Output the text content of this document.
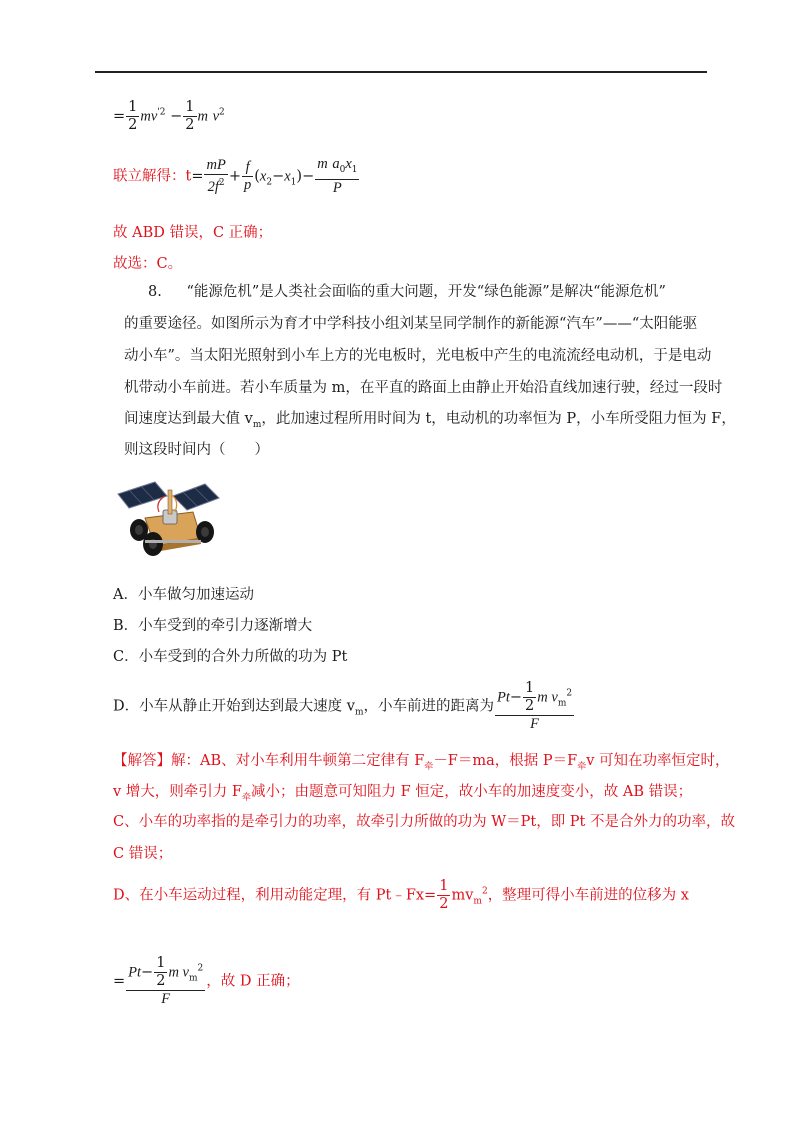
= $\frac{1}{2} mv^{'2} - \frac{1}{2}$ m $v^2$
联立解得：$t= \frac{mP}{2f^2} + \frac{f}{p} (x_2-x_1)- \frac{m a_0x_1}{P}$
故 ABD 错误，C 正确；
故选：C。
8. “能源危机”是人类社会面临的重大问题，开发“绿色能源”是解决“能源危机”
的重要途径。如图所示为育才中学科技小组刘某呈同学制作的新能源“汽车”——“太阳能驱
动小车”。当太阳光照射到小车上方的光电板时，光电板中产生的电流流经电动机，于是电动
机带动小车前进。若小车质量为 m，在平直的路面上由静止开始沿直线加速行驶，经过一段时
间速度达到最大值 $v_m$，此加速过程所用时间为 t，电动机的功率恒为 P，小车所受阻力恒为 F，
则这段时间内（　　）
A．小车做匀加速运动
B．小车受到的牵引力逐渐增大
C．小车受到的合外力所做的功为 Pt
D．小车从静止开始到达到最大速度 $v_m$，小车前进的距离为 $\frac{Pt- \frac{1}{2} m v_m^2}{F}$
【解答】解：AB、对小车利用牛顿第二定律有 $F_牵-F=ma$，根据 $P=F_牵v$ 可知在功率恒定时，
v 增大，则牵引力 $F_牵$减小；由题意可知阻力 F 恒定，故小车的加速度变小，故 AB 错误；
C、小车的功率指的是牵引力的功率，故牵引力所做的功为 W＝Pt，即 Pt 不是合外力的功率，故
C 错误；
D、在小车运动过程，利用动能定理，有 Pt﹣Fx= $\frac{1}{2} mv_m^2$，整理可得小车前进的位移为 x
= $\frac{Pt- \frac{1}{2} m v_m^2}{F}$ ，故 D 正确；
